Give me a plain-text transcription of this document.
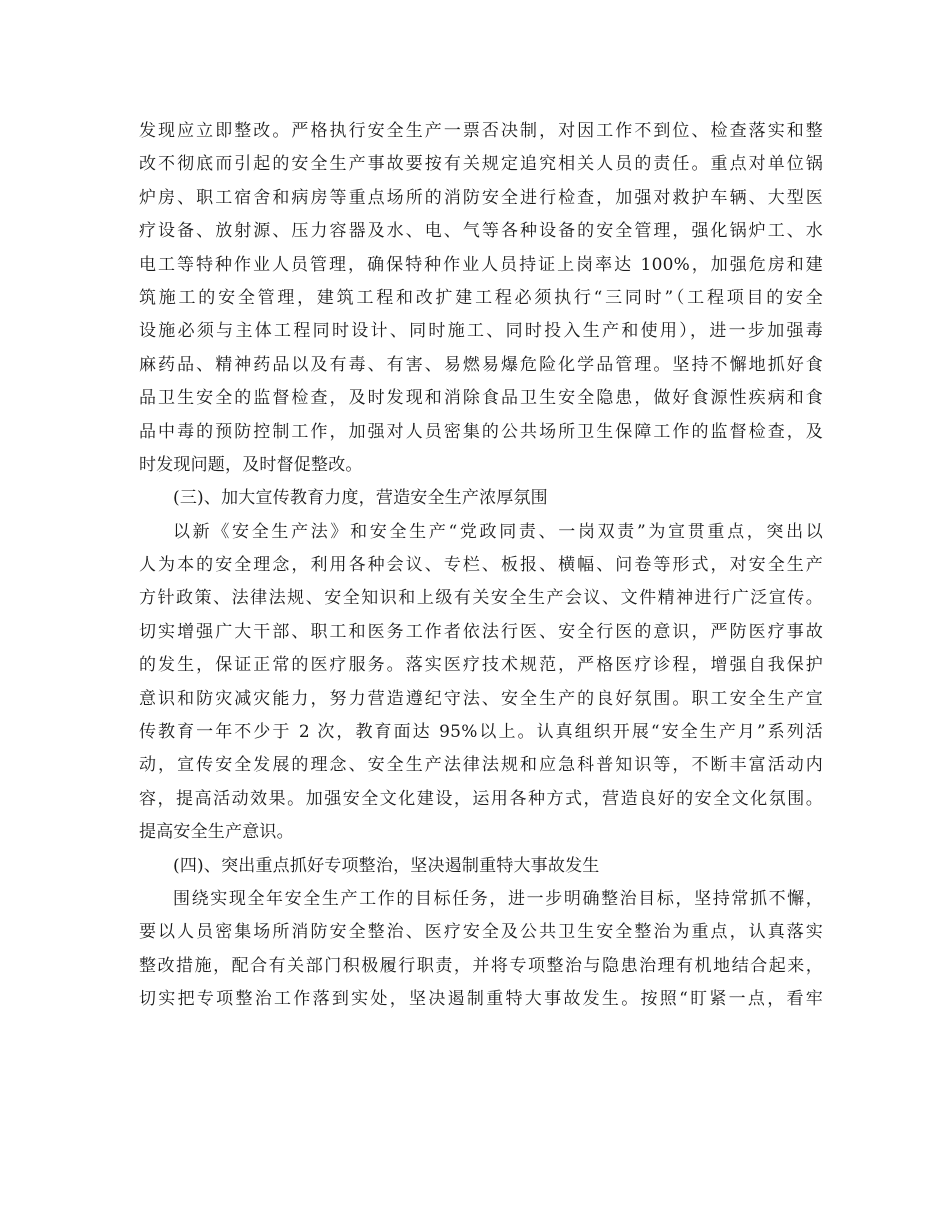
发现应立即整改。严格执行安全生产一票否决制，对因工作不到位、检查落实和整
改不彻底而引起的安全生产事故要按有关规定追究相关人员的责任。重点对单位锅
炉房、职工宿舍和病房等重点场所的消防安全进行检查，加强对救护车辆、大型医
疗设备、放射源、压力容器及水、电、气等各种设备的安全管理，强化锅炉工、水
电工等特种作业人员管理，确保特种作业人员持证上岗率达 100%，加强危房和建
筑施工的安全管理，建筑工程和改扩建工程必须执行“三同时”（工程项目的安全
设施必须与主体工程同时设计、同时施工、同时投入生产和使用），进一步加强毒
麻药品、精神药品以及有毒、有害、易燃易爆危险化学品管理。坚持不懈地抓好食
品卫生安全的监督检查，及时发现和消除食品卫生安全隐患，做好食源性疾病和食
品中毒的预防控制工作，加强对人员密集的公共场所卫生保障工作的监督检查，及
时发现问题，及时督促整改。
(三)、加大宣传教育力度，营造安全生产浓厚氛围
以新《安全生产法》和安全生产“党政同责、一岗双责”为宣贯重点，突出以
人为本的安全理念，利用各种会议、专栏、板报、横幅、问卷等形式，对安全生产
方针政策、法律法规、安全知识和上级有关安全生产会议、文件精神进行广泛宣传。
切实增强广大干部、职工和医务工作者依法行医、安全行医的意识，严防医疗事故
的发生，保证正常的医疗服务。落实医疗技术规范，严格医疗诊程，增强自我保护
意识和防灾减灾能力，努力营造遵纪守法、安全生产的良好氛围。职工安全生产宣
传教育一年不少于 2 次，教育面达 95%以上。认真组织开展“安全生产月”系列活
动，宣传安全发展的理念、安全生产法律法规和应急科普知识等，不断丰富活动内
容，提高活动效果。加强安全文化建设，运用各种方式，营造良好的安全文化氛围。
提高安全生产意识。
(四)、突出重点抓好专项整治，坚决遏制重特大事故发生
围绕实现全年安全生产工作的目标任务，进一步明确整治目标，坚持常抓不懈，
要以人员密集场所消防安全整治、医疗安全及公共卫生安全整治为重点，认真落实
整改措施，配合有关部门积极履行职责，并将专项整治与隐患治理有机地结合起来，
切实把专项整治工作落到实处，坚决遏制重特大事故发生。按照“盯紧一点，看牢
